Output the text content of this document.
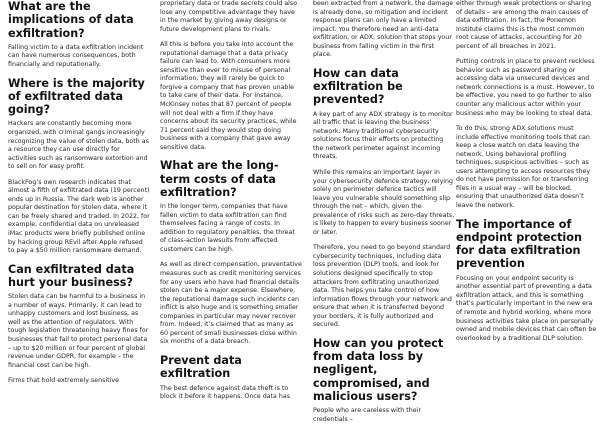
What are the implications of data exfiltration?

Falling victim to a data exfiltration incident can have numerous consequences, both financially and reputationally.

Where is the majority of exfiltrated data going?

Hackers are constantly becoming more organized, with criminal gangs increasingly recognizing the value of stolen data, both as a resource they can use directly for activities such as ransomware extortion and to sell on for easy profit.

BlackFog’s own research indicates that almost a fifth of exfiltrated data (19 percent) ends up in Russia. The dark web is another popular destination for stolen data, where it can be freely shared and traded. In 2022, for example, confidential data on unreleased iMac products were briefly published online by hacking group REvil after Apple refused to pay a $50 million ransomware demand.

Can exfiltrated data hurt your business?

Stolen data can be harmful to a business in a number of ways. Primarily, it can lead to unhappy customers and lost business, as well as the attention of regulators. With tough legislation threatening heavy fines for businesses that fail to protect personal data – up to $20 million or four percent of global revenue under GDPR, for example – the financial cost can be high.

Firms that hold extremely sensitive

proprietary data or trade secrets could also lose any competitive advantage they have in the market by giving away designs or future development plans to rivals.

All this is before you take into account the reputational damage that a data privacy failure can lead to. With consumers more sensitive than ever to misuse of personal information, they will rarely be quick to forgive a company that has proven unable to take care of their data. For instance, McKinsey notes that 87 percent of people will not deal with a firm if they have concerns about its security practices, while 71 percent said they would stop doing business with a company that gave away sensitive data.

What are the long-term costs of data exfiltration?

In the longer term, companies that have fallen victim to data exfiltration can find themselves facing a range of costs. In addition to regulatory penalties, the threat of class-action lawsuits from affected customers can be high.

As well as direct compensation, preventative measures such as credit monitoring services for any users who have had financial details stolen can be a major expense. Elsewhere, the reputational damage such incidents can inflict is also huge and is something smaller companies in particular may never recover from. Indeed, it’s claimed that as many as 60 percent of small businesses close within six months of a data breach.

Prevent data exfiltration

The best defence against data theft is to block it before it happens. Once data has

been extracted from a network, the damage is already done, so mitigation and incident response plans can only have a limited impact. You therefore need an anti-data exfiltration, or ADX, solution that stops your business from falling victim in the first place.

How can data exfiltration be prevented?

A key part of any ADX strategy is to monitor all traffic that is leaving the business’ network. Many traditional cybersecurity solutions focus their efforts on protecting the network perimeter against incoming threats.

While this remains an important layer in your cybersecurity defence strategy, relying solely on perimeter defence tactics will leave you vulnerable should something slip through the net – which, given the prevalence of risks such as zero-day threats, is likely to happen to every business sooner or later.

Therefore, you need to go beyond standard cybersecurity techniques, including data loss prevention (DLP) tools, and look for solutions designed specifically to stop attackers from exfiltrating unauthorized data. This helps you take control of how information flows through your network and ensure that when it is transferred beyond your borders, it is fully authorized and secured.

How can you protect from data loss by negligent, compromised, and malicious users?

People who are careless with their credentials –

either through weak protections or sharing of details – are among the main causes of data exfiltration. In fact, the Ponemon Institute claims this is the most common root cause of attacks, accounting for 20 percent of all breaches in 2021.

Putting controls in place to prevent reckless behavior such as password sharing or accessing data via unsecured devices and network connections is a must. However, to be effective, you need to go further to also counter any malicious actor within your business who may be looking to steal data.

To do this, strong ADX solutions must include effective monitoring tools that can keep a close watch on data leaving the network. Using behavioral profiling techniques, suspicious activities – such as users attempting to access resources they do not have permission for or transferring files in a usual way – will be blocked, ensuring that unauthorized data doesn’t leave the network.

The importance of endpoint protection for data exfiltration prevention

Focusing on your endpoint security is another essential part of preventing a data exfiltration attack, and this is something that’s particularly important in the new era of remote and hybrid working, where more business activities take place on personally owned and mobile devices that can often be overlooked by a traditional DLP solution.
